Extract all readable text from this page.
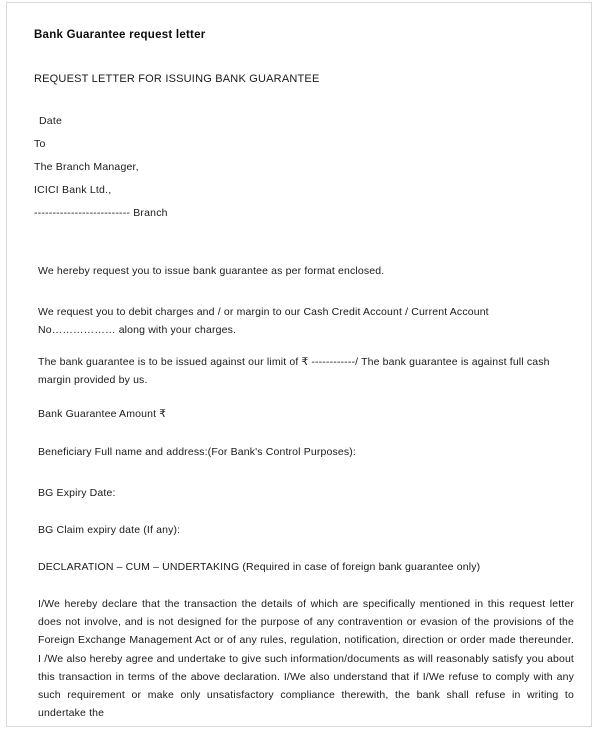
Bank Guarantee request letter
REQUEST LETTER FOR ISSUING BANK GUARANTEE
Date
To
The Branch Manager,
ICICI Bank Ltd.,
-------------------------- Branch
We hereby request you to issue bank guarantee as per format enclosed.
We request you to debit charges and / or margin to our Cash Credit Account / Current Account No……………… along with your charges.
The bank guarantee is to be issued against our limit of ₹ ------------/ The bank guarantee is against full cash margin provided by us.
Bank Guarantee Amount ₹
Beneficiary Full name and address:(For Bank's Control Purposes):
BG Expiry Date:
BG Claim expiry date (If any):
DECLARATION – CUM – UNDERTAKING (Required in case of foreign bank guarantee only)
I/We hereby declare that the transaction the details of which are specifically mentioned in this request letter does not involve, and is not designed for the purpose of any contravention or evasion of the provisions of the Foreign Exchange Management Act or of any rules, regulation, notification, direction or order made thereunder. I /We also hereby agree and undertake to give such information/documents as will reasonably satisfy you about this transaction in terms of the above declaration. I/We also understand that if I/We refuse to comply with any such requirement or make only unsatisfactory compliance therewith, the bank shall refuse in writing to undertake the
